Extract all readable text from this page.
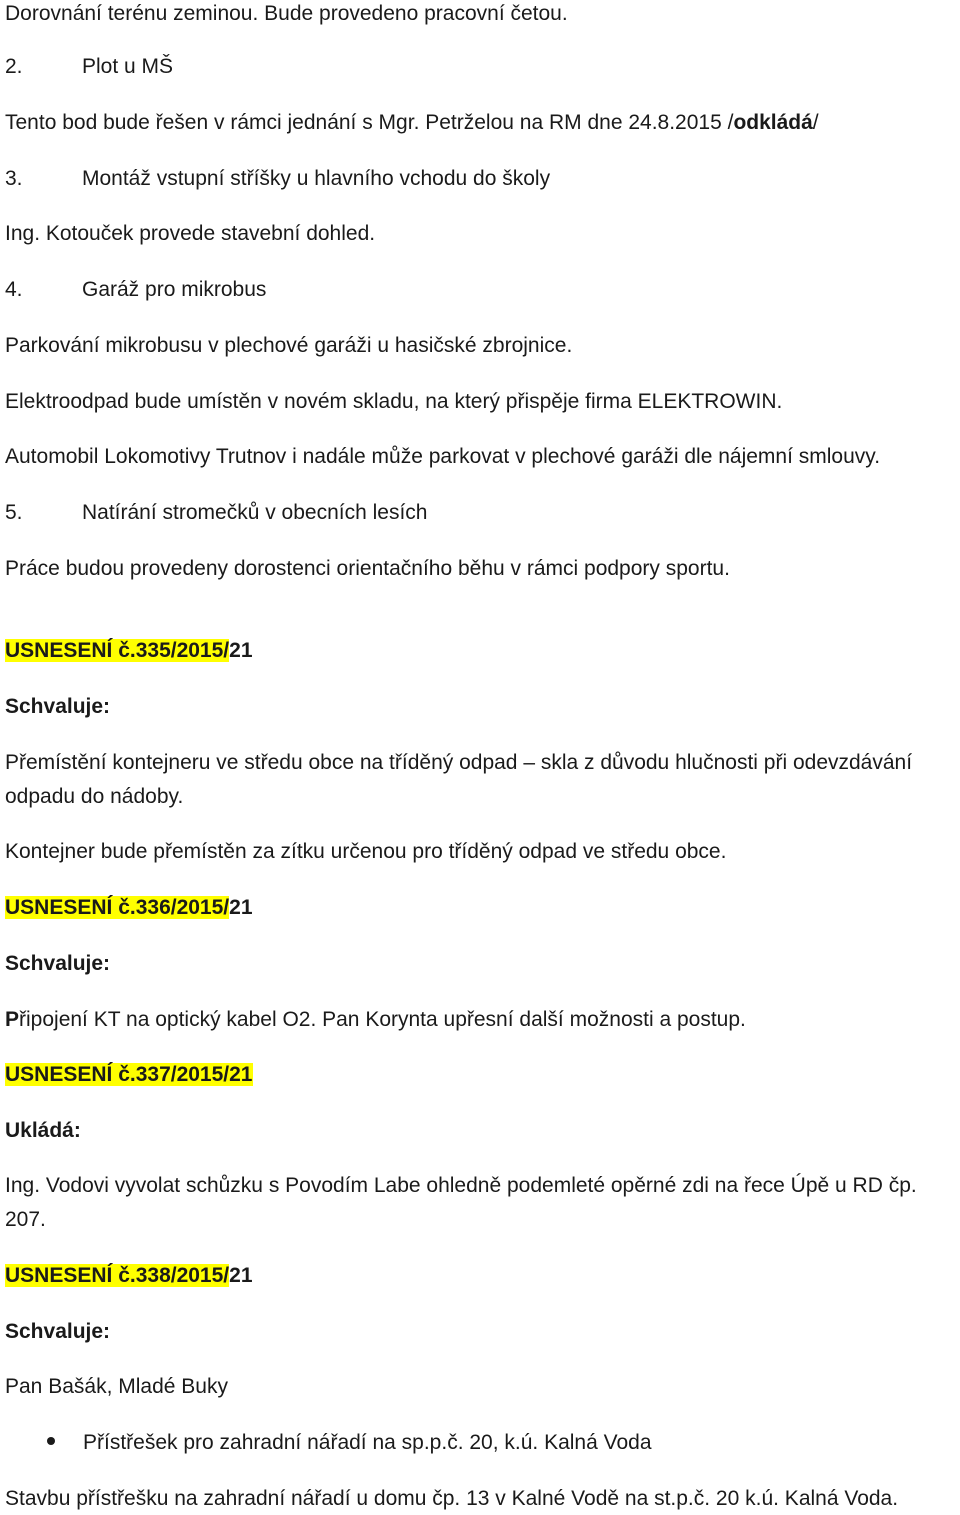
Dorovnání terénu zeminou. Bude provedeno pracovní četou.
2.	Plot u MŠ
Tento bod bude řešen v rámci jednání s Mgr. Petrželou na RM dne 24.8.2015 /odkládá/
3.	Montáž vstupní stříšky u hlavního vchodu do školy
Ing. Kotouček provede stavební dohled.
4.	Garáž pro mikrobus
Parkování mikrobusu v plechové garáži u hasičské zbrojnice.
Elektroodpad bude umístěn v novém skladu, na který přispěje firma ELEKTROWIN.
Automobil Lokomotivy Trutnov i nadále může parkovat v plechové garáži dle nájemní smlouvy.
5.	Natírání stromečků v obecních lesích
Práce budou provedeny dorostenci orientačního běhu v rámci podpory sportu.
USNESENÍ č.335/2015/21
Schvaluje:
Přemístění kontejneru ve středu obce na tříděný odpad – skla z důvodu hlučnosti při odevzdávání
odpadu do nádoby.
Kontejner bude přemístěn za zítku určenou pro tříděný odpad ve středu obce.
USNESENÍ č.336/2015/21
Schvaluje:
Připojení KT na optický kabel O2. Pan Korynta upřesní další možnosti a postup.
USNESENÍ č.337/2015/21
Ukládá:
Ing. Vodovi vyvolat schůzku s Povodím Labe ohledně podemleté opěrné zdi na řece Úpě u RD čp.
207.
USNESENÍ č.338/2015/21
Schvaluje:
Pan Bašák, Mladé Buky
Přístřešek pro zahradní nářadí na sp.p.č. 20, k.ú. Kalná Voda
Stavbu přístřešku na zahradní nářadí u domu čp. 13 v Kalné Vodě na st.p.č. 20 k.ú. Kalná Voda.
